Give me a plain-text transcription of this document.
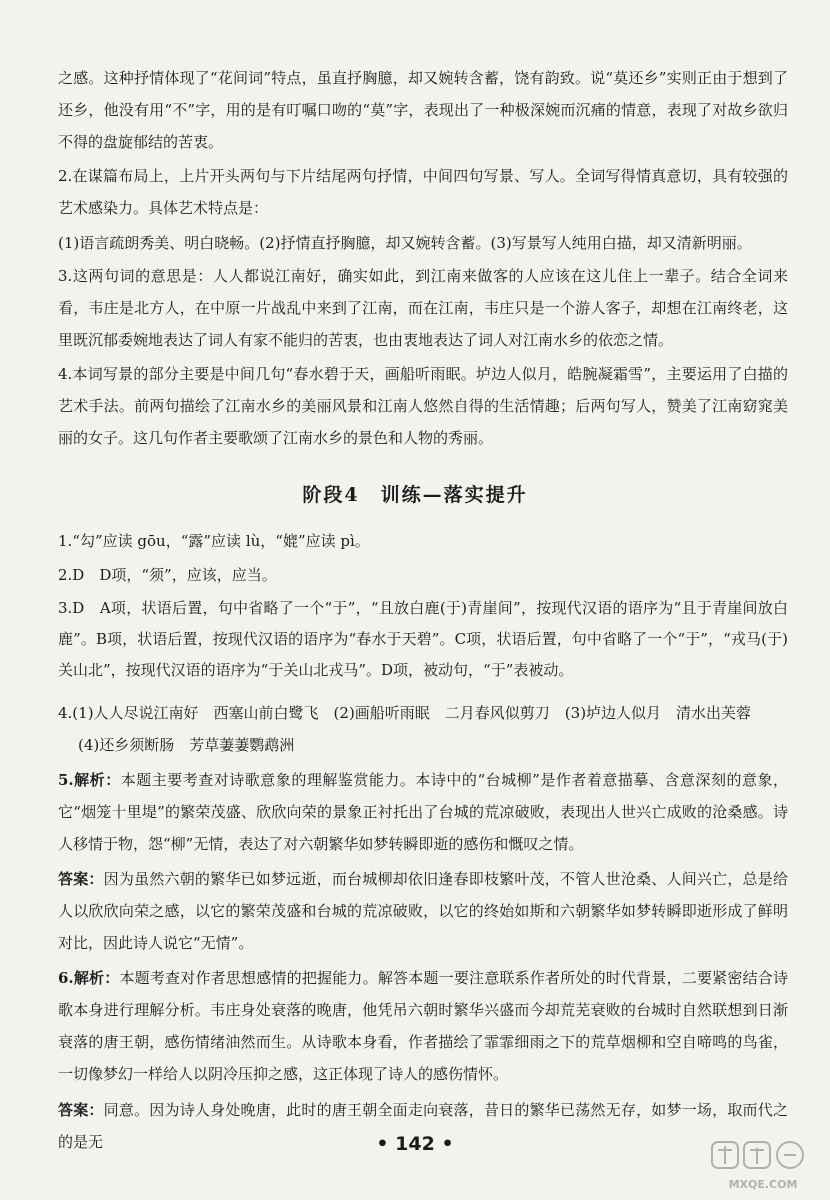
之感。这种抒情体现了“花间词”特点，虽直抒胸臆，却又婉转含蓄，饶有韵致。说“莫还乡”实则正由于想到了还乡，他没有用“不”字，用的是有叮嘱口吻的“莫”字，表现出了一种极深婉而沉痛的情意，表现了对故乡欲归不得的盘旋郁结的苦衷。

2.在谋篇布局上，上片开头两句与下片结尾两句抒情，中间四句写景、写人。全词写得情真意切，具有较强的艺术感染力。具体艺术特点是：

(1)语言疏朗秀美、明白晓畅。(2)抒情直抒胸臆，却又婉转含蓄。(3)写景写人纯用白描，却又清新明丽。

3.这两句词的意思是：人人都说江南好，确实如此，到江南来做客的人应该在这儿住上一辈子。结合全词来看，韦庄是北方人，在中原一片战乱中来到了江南，而在江南，韦庄只是一个游人客子，却想在江南终老，这里既沉郁委婉地表达了词人有家不能归的苦衷，也由衷地表达了词人对江南水乡的依恋之情。

4.本词写景的部分主要是中间几句“春水碧于天，画船听雨眠。垆边人似月，皓腕凝霜雪”，主要运用了白描的艺术手法。前两句描绘了江南水乡的美丽风景和江南人悠然自得的生活情趣；后两句写人，赞美了江南窈窕美丽的女子。这几句作者主要歌颂了江南水乡的景色和人物的秀丽。

阶段4　训练—落实提升

1.“勾”应读 gōu，“露”应读 lù，“媲”应读 pì。

2.D　D项，“须”，应该，应当。

3.D　A项，状语后置，句中省略了一个“于”，“且放白鹿(于)青崖间”，按现代汉语的语序为“且于青崖间放白鹿”。B项，状语后置，按现代汉语的语序为“春水于天碧”。C项，状语后置，句中省略了一个“于”，“戎马(于)关山北”，按现代汉语的语序为“于关山北戎马”。D项，被动句，“于”表被动。

4.(1)人人尽说江南好　西塞山前白鹭飞　(2)画船听雨眠　二月春风似剪刀　(3)垆边人似月　清水出芙蓉

(4)还乡须断肠　芳草萋萋鹦鹉洲

5.解析：本题主要考查对诗歌意象的理解鉴赏能力。本诗中的“台城柳”是作者着意描摹、含意深刻的意象，它“烟笼十里堤”的繁荣茂盛、欣欣向荣的景象正衬托出了台城的荒凉破败，表现出人世兴亡成败的沧桑感。诗人移情于物，怨“柳”无情，表达了对六朝繁华如梦转瞬即逝的感伤和慨叹之情。

答案：因为虽然六朝的繁华已如梦远逝，而台城柳却依旧逢春即枝繁叶茂，不管人世沧桑、人间兴亡，总是给人以欣欣向荣之感，以它的繁荣茂盛和台城的荒凉破败，以它的终始如斯和六朝繁华如梦转瞬即逝形成了鲜明对比，因此诗人说它“无情”。

6.解析：本题考查对作者思想感情的把握能力。解答本题一要注意联系作者所处的时代背景，二要紧密结合诗歌本身进行理解分析。韦庄身处衰落的晚唐，他凭吊六朝时繁华兴盛而今却荒芜衰败的台城时自然联想到日渐衰落的唐王朝，感伤情绪油然而生。从诗歌本身看，作者描绘了霏霏细雨之下的荒草烟柳和空自啼鸣的鸟雀，一切像梦幻一样给人以阴冷压抑之感，这正体现了诗人的感伤情怀。

答案：同意。因为诗人身处晚唐，此时的唐王朝全面走向衰落，昔日的繁华已荡然无存，如梦一场，取而代之的是无	• 142 •
MXQE.COM
